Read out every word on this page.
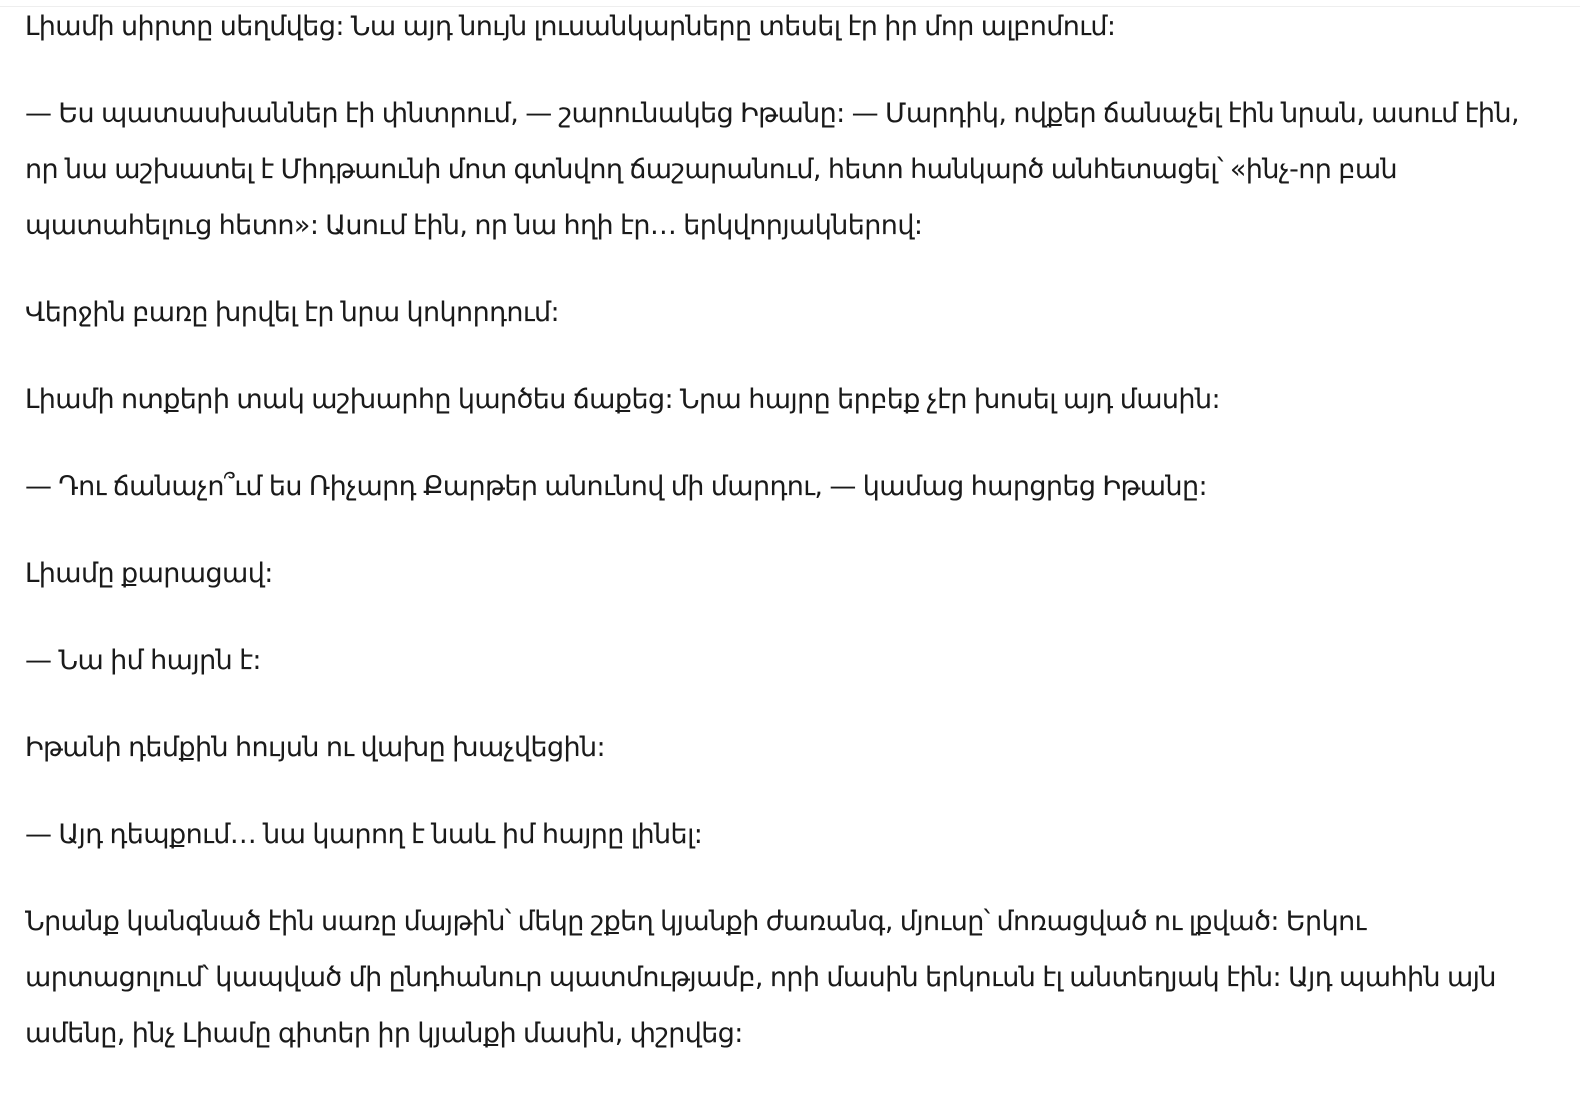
Լիամի սիրտը սեղմվեց: Նա այդ նույն լուսանկարները տեսել էր իր մոր ալբոմում:

— Ես պատասխաններ էի փնտրում, — շարունակեց Իթանը: — Մարդիկ, ովքեր ճանաչել էին նրան, ասում էին, որ նա աշխատել է Միդթաունի մոտ գտնվող ճաշարանում, հետո հանկարծ անհետացել՝ «ինչ-որ բան պատահելուց հետո»: Ասում էին, որ նա հղի էր… երկվորյակներով:

Վերջին բառը խրվել էր նրա կոկորդում:

Լիամի ոտքերի տակ աշխարհը կարծես ճաքեց: Նրա հայրը երբեք չէր խոսել այդ մասին:

— Դու ճանաչո՞ւմ ես Ռիչարդ Քարթեր անունով մի մարդու, — կամաց հարցրեց Իթանը:

Լիամը քարացավ:

— Նա իմ հայրն է:

Իթանի դեմքին հույսն ու վախը խաչվեցին:

— Այդ դեպքում… նա կարող է նաև իմ հայրը լինել:

Նրանք կանգնած էին սառը մայթին՝ մեկը շքեղ կյանքի ժառանգ, մյուսը՝ մոռացված ու լքված: Երկու արտացոլում՝ կապված մի ընդհանուր պատմությամբ, որի մասին երկուսն էլ անտեղյակ էին: Այդ պահին այն ամենը, ինչ Լիամը գիտեր իր կյանքի մասին, փշրվեց:
